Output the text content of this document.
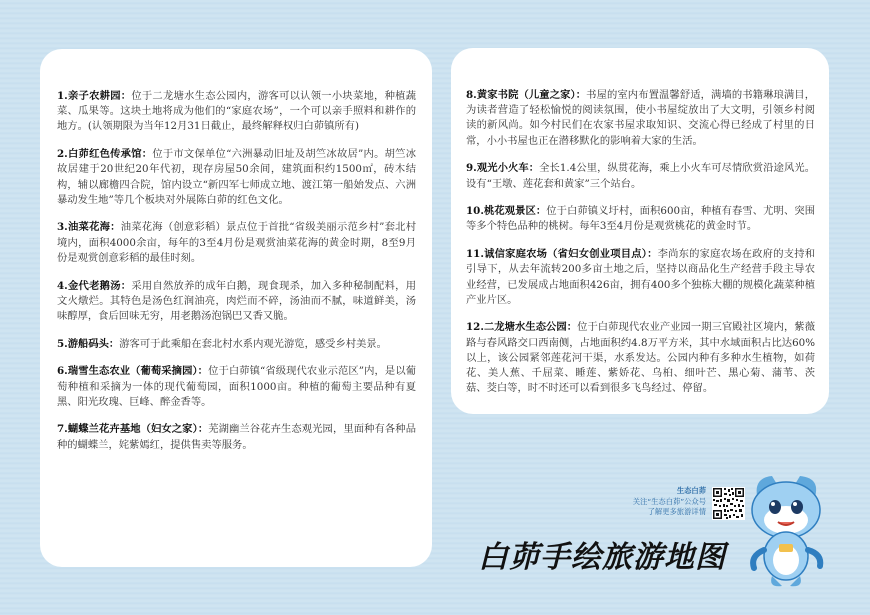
1.亲子农耕园：位于二龙塘水生态公园内，游客可以认领一小块菜地，种植蔬菜、瓜果等。这块土地将成为他们的“家庭农场”，一个可以亲手照料和耕作的地方。(认领期限为当年12月31日截止，最终解释权归白茆镇所有)

2.白茆红色传承馆：位于市文保单位“六洲暴动旧址及胡竺冰故居”内。胡竺冰故居建于20世纪20年代初，现存房屋50余间，建筑面积约1500㎡，砖木结构，辅以廊檐四合院，馆内设立“新四军七师成立地、渡江第一船始发点、六洲暴动发生地”等几个板块对外展陈白茆的红色文化。

3.油菜花海：油菜花海（创意彩稻）景点位于首批“省级美丽示范乡村”套北村境内，面积4000余亩，每年的3至4月份是观赏油菜花海的黄金时期，8至9月份是观赏创意彩稻的最佳时刻。

4.金代老鹅汤：采用自然放养的成年白鹅，现食现杀，加入多种秘制配料，用文火燉烂。其特色是汤色红润油亮，肉烂而不碎，汤油而不腻，味道鲜美，汤味醇厚，食后回味无穷，用老鹅汤泡锅巴又香又脆。

5.游船码头：游客可于此乘船在套北村水系内观光游览，感受乡村美景。

6.瑞雪生态农业（葡萄采摘园）：位于白茆镇“省级现代农业示范区”内，是以葡萄种植和采摘为一体的现代葡萄园，面积1000亩。种植的葡萄主要品种有夏黑、阳光玫瑰、巨峰、醉金香等。

7.蝴蝶兰花卉基地（妇女之家）：芜湖幽兰谷花卉生态观光园，里面种有各种品种的蝴蝶兰，姹紫嫣红，提供售卖等服务。

8.黄家书院（儿童之家）：书屋的室内布置温馨舒适，满墙的书籍琳琅满目，为读者营造了轻松愉悦的阅读氛围，使小书屋绽放出了大文明，引领乡村阅读的新风尚。如今村民们在农家书屋求取知识、交流心得已经成了村里的日常，小小书屋也正在潜移默化的影响着大家的生活。

9.观光小火车：全长1.4公里，纵贯花海，乘上小火车可尽情欣赏沿途风光。设有“王墩、莲花套和黄家”三个站台。

10.桃花观景区：位于白茆镇义圩村，面积600亩，种植有春雪、尤明、突围等多个特色品种的桃树。每年3至4月份是观赏桃花的黄金时节。

11.诚信家庭农场（省妇女创业项目点）：李尚东的家庭农场在政府的支持和引导下，从去年流转200多亩土地之后，坚持以商品化生产经营手段主导农业经营，已发展成占地面积426亩，拥有400多个独栋大棚的规模化蔬菜种植产业片区。

12.二龙塘水生态公园：位于白茆现代农业产业园一期三官殿社区境内，紫薇路与春风路交口西南侧，占地面积约4.8万平方米，其中水域面积占比达60%以上，该公园紧邻莲花河干渠，水系发达。公园内种有多种水生植物，如荷花、美人蕉、千屈菜、睡莲、紫娇花、乌桕、细叶芒、黑心菊、蒲苇、茨菇、茭白等，时不时还可以看到很多飞鸟经过、停留。

生态白茆
关注“生态白茆”公众号
了解更多旅游详情
白茆手绘旅游地图
